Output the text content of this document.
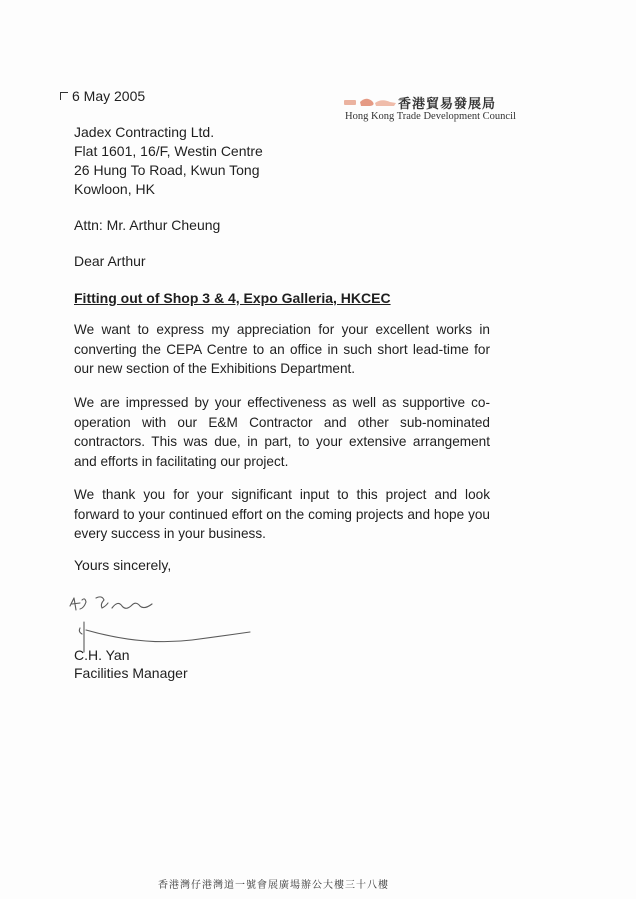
6 May 2005
香港貿易發展局
Hong Kong Trade Development Council
Jadex Contracting Ltd.
Flat 1601, 16/F, Westin Centre
26 Hung To Road, Kwun Tong
Kowloon, HK
Attn: Mr. Arthur Cheung
Dear Arthur
Fitting out of Shop 3 & 4, Expo Galleria, HKCEC
We want to express my appreciation for your excellent works in converting the CEPA Centre to an office in such short lead-time for our new section of the Exhibitions Department.
We are impressed by your effectiveness as well as supportive co-operation with our E&M Contractor and other sub-nominated contractors. This was due, in part, to your extensive arrangement and efforts in facilitating our project.
We thank you for your significant input to this project and look forward to your continued effort on the coming projects and hope you every success in your business.
Yours sincerely,
C.H. Yan
Facilities Manager
香港灣仔港灣道一號會展廣場辦公大樓三十八樓
